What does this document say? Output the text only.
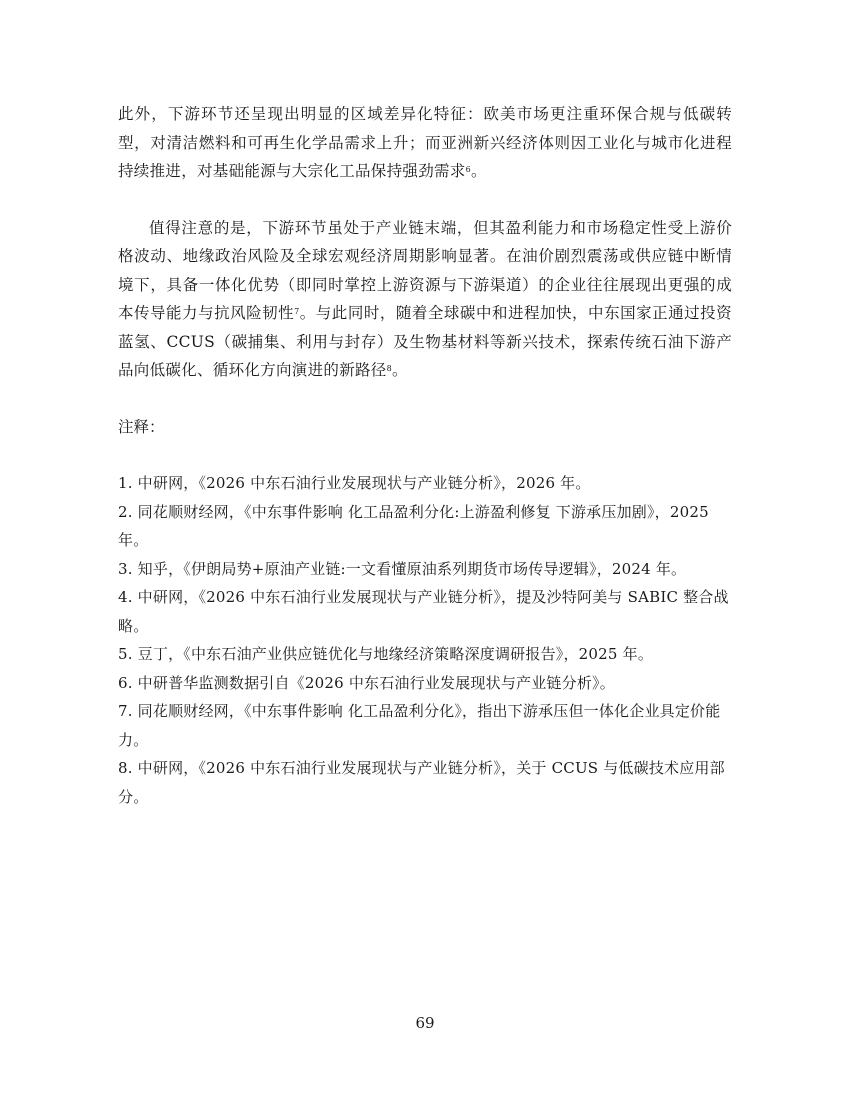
此外，下游环节还呈现出明显的区域差异化特征：欧美市场更注重环保合规与低碳转型，对清洁燃料和可再生化学品需求上升；而亚洲新兴经济体则因工业化与城市化进程持续推进，对基础能源与大宗化工品保持强劲需求$^6$。

值得注意的是，下游环节虽处于产业链末端，但其盈利能力和市场稳定性受上游价格波动、地缘政治风险及全球宏观经济周期影响显著。在油价剧烈震荡或供应链中断情境下，具备一体化优势（即同时掌控上游资源与下游渠道）的企业往往展现出更强的成本传导能力与抗风险韧性$^7$。与此同时，随着全球碳中和进程加快，中东国家正通过投资蓝氢、CCUS（碳捕集、利用与封存）及生物基材料等新兴技术，探索传统石油下游产品向低碳化、循环化方向演进的新路径$^8$。

注释：

1. 中研网，《2026 中东石油行业发展现状与产业链分析》，2026 年。
2. 同花顺财经网，《中东事件影响 化工品盈利分化:上游盈利修复 下游承压加剧》，2025 年。
3. 知乎，《伊朗局势+原油产业链:一文看懂原油系列期货市场传导逻辑》，2024 年。
4. 中研网，《2026 中东石油行业发展现状与产业链分析》，提及沙特阿美与 SABIC 整合战略。
5. 豆丁，《中东石油产业供应链优化与地缘经济策略深度调研报告》，2025 年。
6. 中研普华监测数据引自《2026 中东石油行业发展现状与产业链分析》。
7. 同花顺财经网，《中东事件影响 化工品盈利分化》，指出下游承压但一体化企业具定价能力。
8. 中研网，《2026 中东石油行业发展现状与产业链分析》，关于 CCUS 与低碳技术应用部分。
69
